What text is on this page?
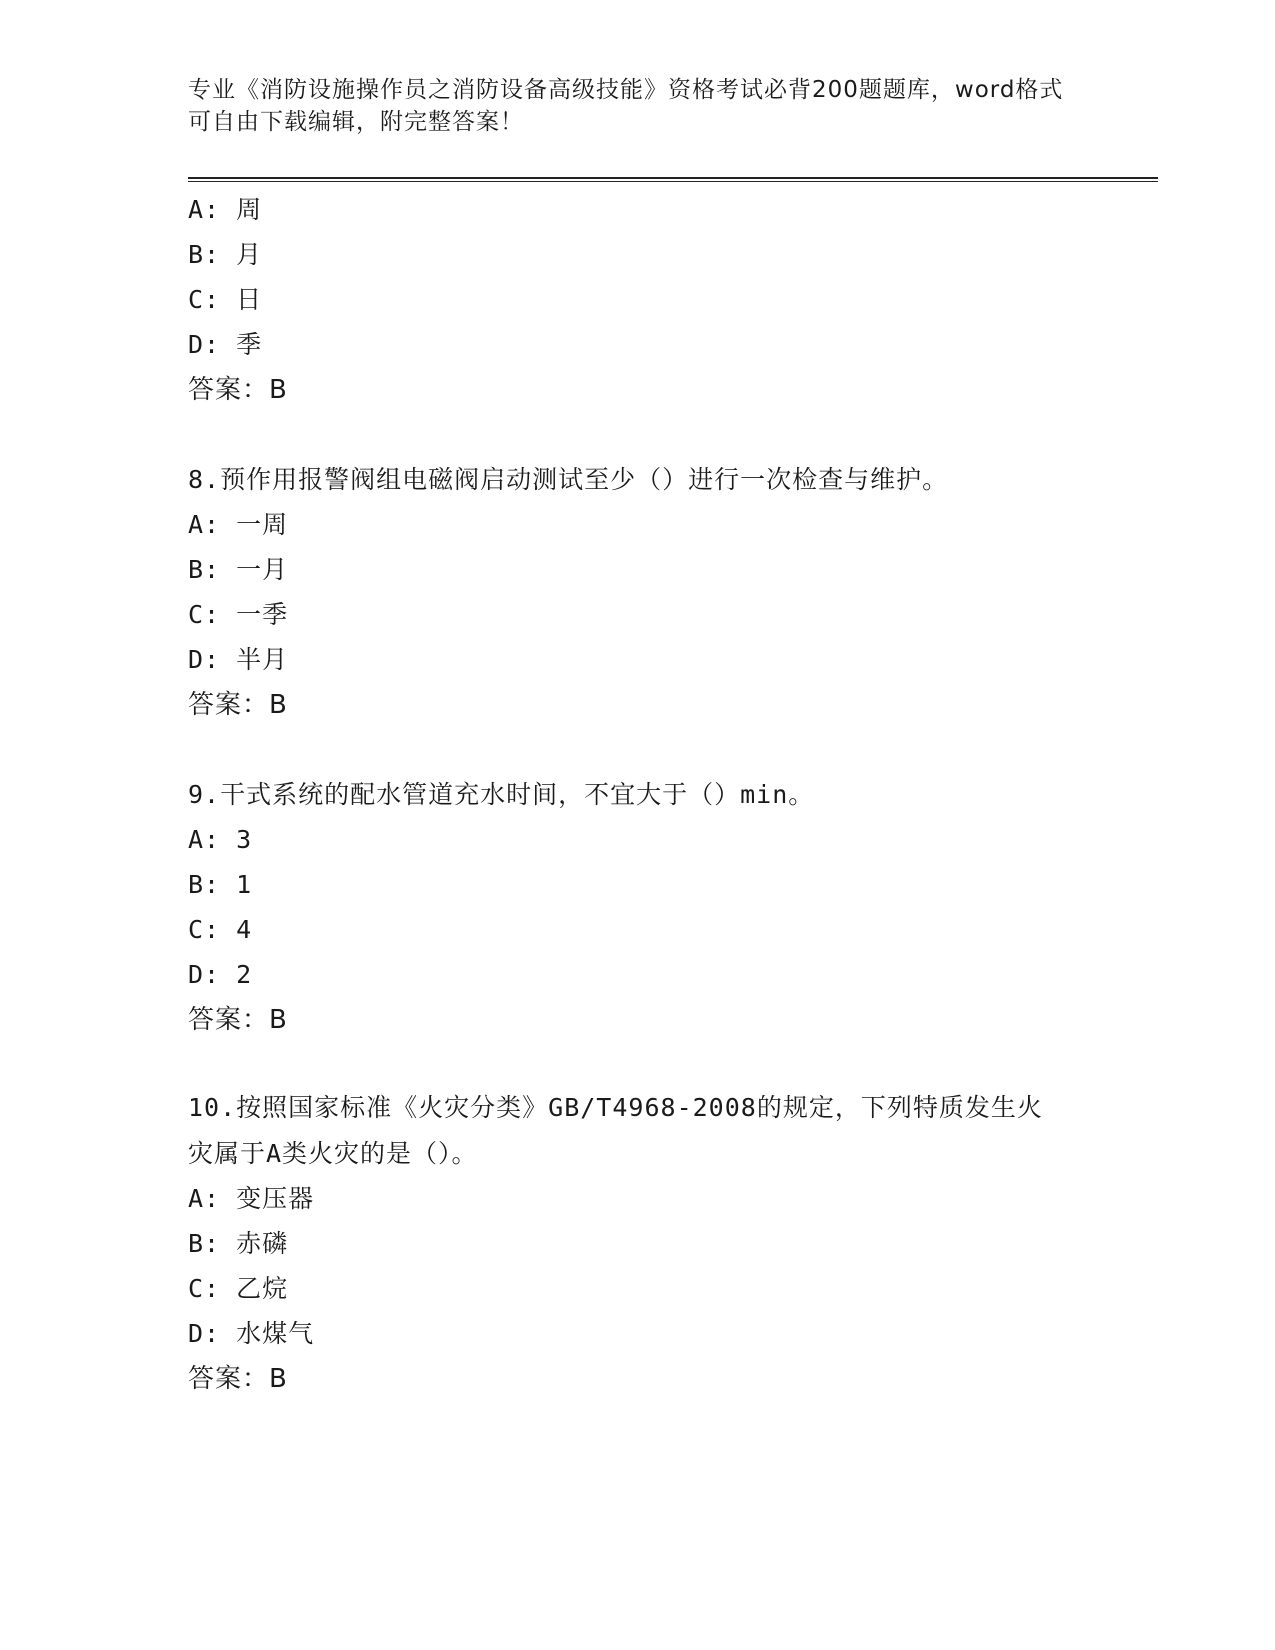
专业《消防设施操作员之消防设备高级技能》资格考试必背200题题库，word格式可自由下载编辑，附完整答案！
A: 周
B: 月
C: 日
D: 季
答案：B
8.预作用报警阀组电磁阀启动测试至少（）进行一次检查与维护。
A: 一周
B: 一月
C: 一季
D: 半月
答案：B
9.干式系统的配水管道充水时间，不宜大于（）min。
A: 3
B: 1
C: 4
D: 2
答案：B
10.按照国家标准《火灾分类》GB/T4968-2008的规定，下列特质发生火灾属于A类火灾的是（）。
A: 变压器
B: 赤磷
C: 乙烷
D: 水煤气
答案：B
